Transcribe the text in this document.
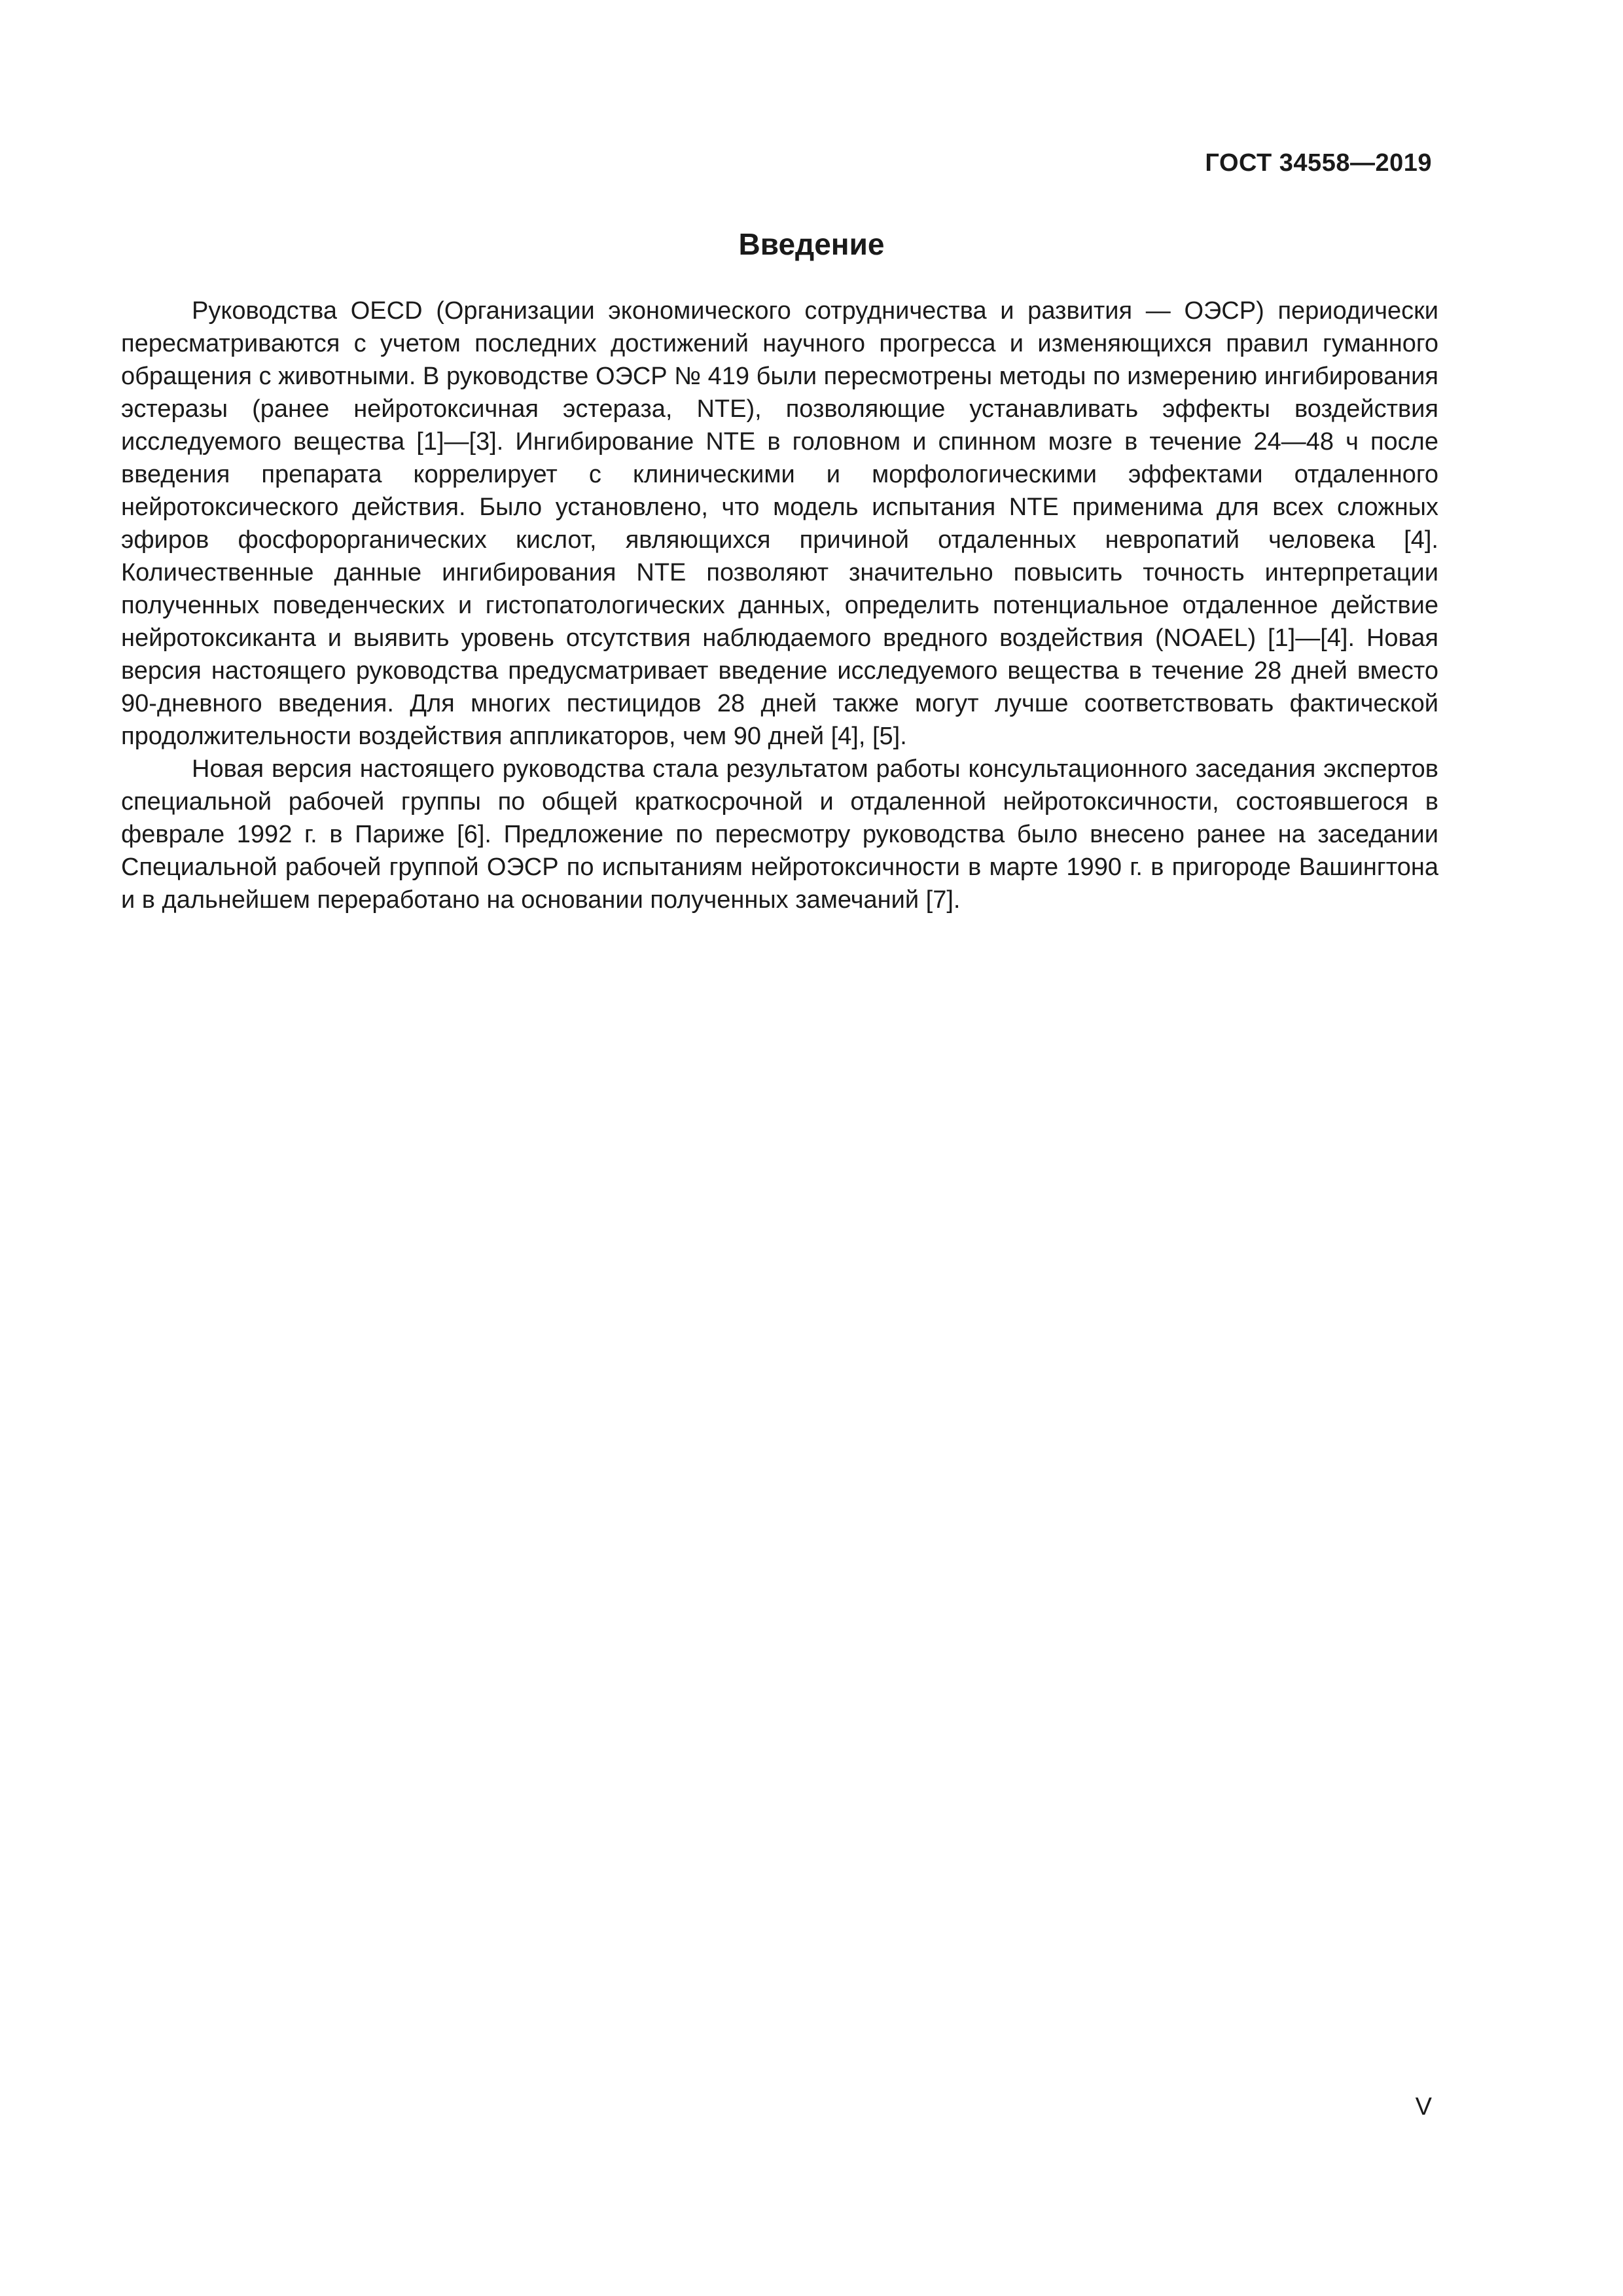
ГОСТ 34558—2019
Введение

Руководства OECD (Организации экономического сотрудничества и развития — ОЭСР) периодически пересматриваются с учетом последних достижений научного прогресса и изменяющихся правил гуманного обращения с животными. В руководстве ОЭСР № 419 были пересмотрены методы по измерению ингибирования эстеразы (ранее нейротоксичная эстераза, NTE), позволяющие устанавливать эффекты воздействия исследуемого вещества [1]—[3]. Ингибирование NTE в головном и спинном мозге в течение 24—48 ч после введения препарата коррелирует с клиническими и морфологическими эффектами отдаленного нейротоксического действия. Было установлено, что модель испытания NTE применима для всех сложных эфиров фосфорорганических кислот, являющихся причиной отдаленных невропатий человека [4]. Количественные данные ингибирования NTE позволяют значительно повысить точность интерпретации полученных поведенческих и гистопатологических данных, определить потенциальное отдаленное действие нейротоксиканта и выявить уровень отсутствия наблюдаемого вредного воздействия (NOAEL) [1]—[4]. Новая версия настоящего руководства предусматривает введение исследуемого вещества в течение 28 дней вместо 90-дневного введения. Для многих пестицидов 28 дней также могут лучше соответствовать фактической продолжительности воздействия аппликаторов, чем 90 дней [4], [5].

Новая версия настоящего руководства стала результатом работы консультационного заседания экспертов специальной рабочей группы по общей краткосрочной и отдаленной нейротоксичности, состоявшегося в феврале 1992 г. в Париже [6]. Предложение по пересмотру руководства было внесено ранее на заседании Специальной рабочей группой ОЭСР по испытаниям нейротоксичности в марте 1990 г. в пригороде Вашингтона и в дальнейшем переработано на основании полученных замечаний [7].

V
